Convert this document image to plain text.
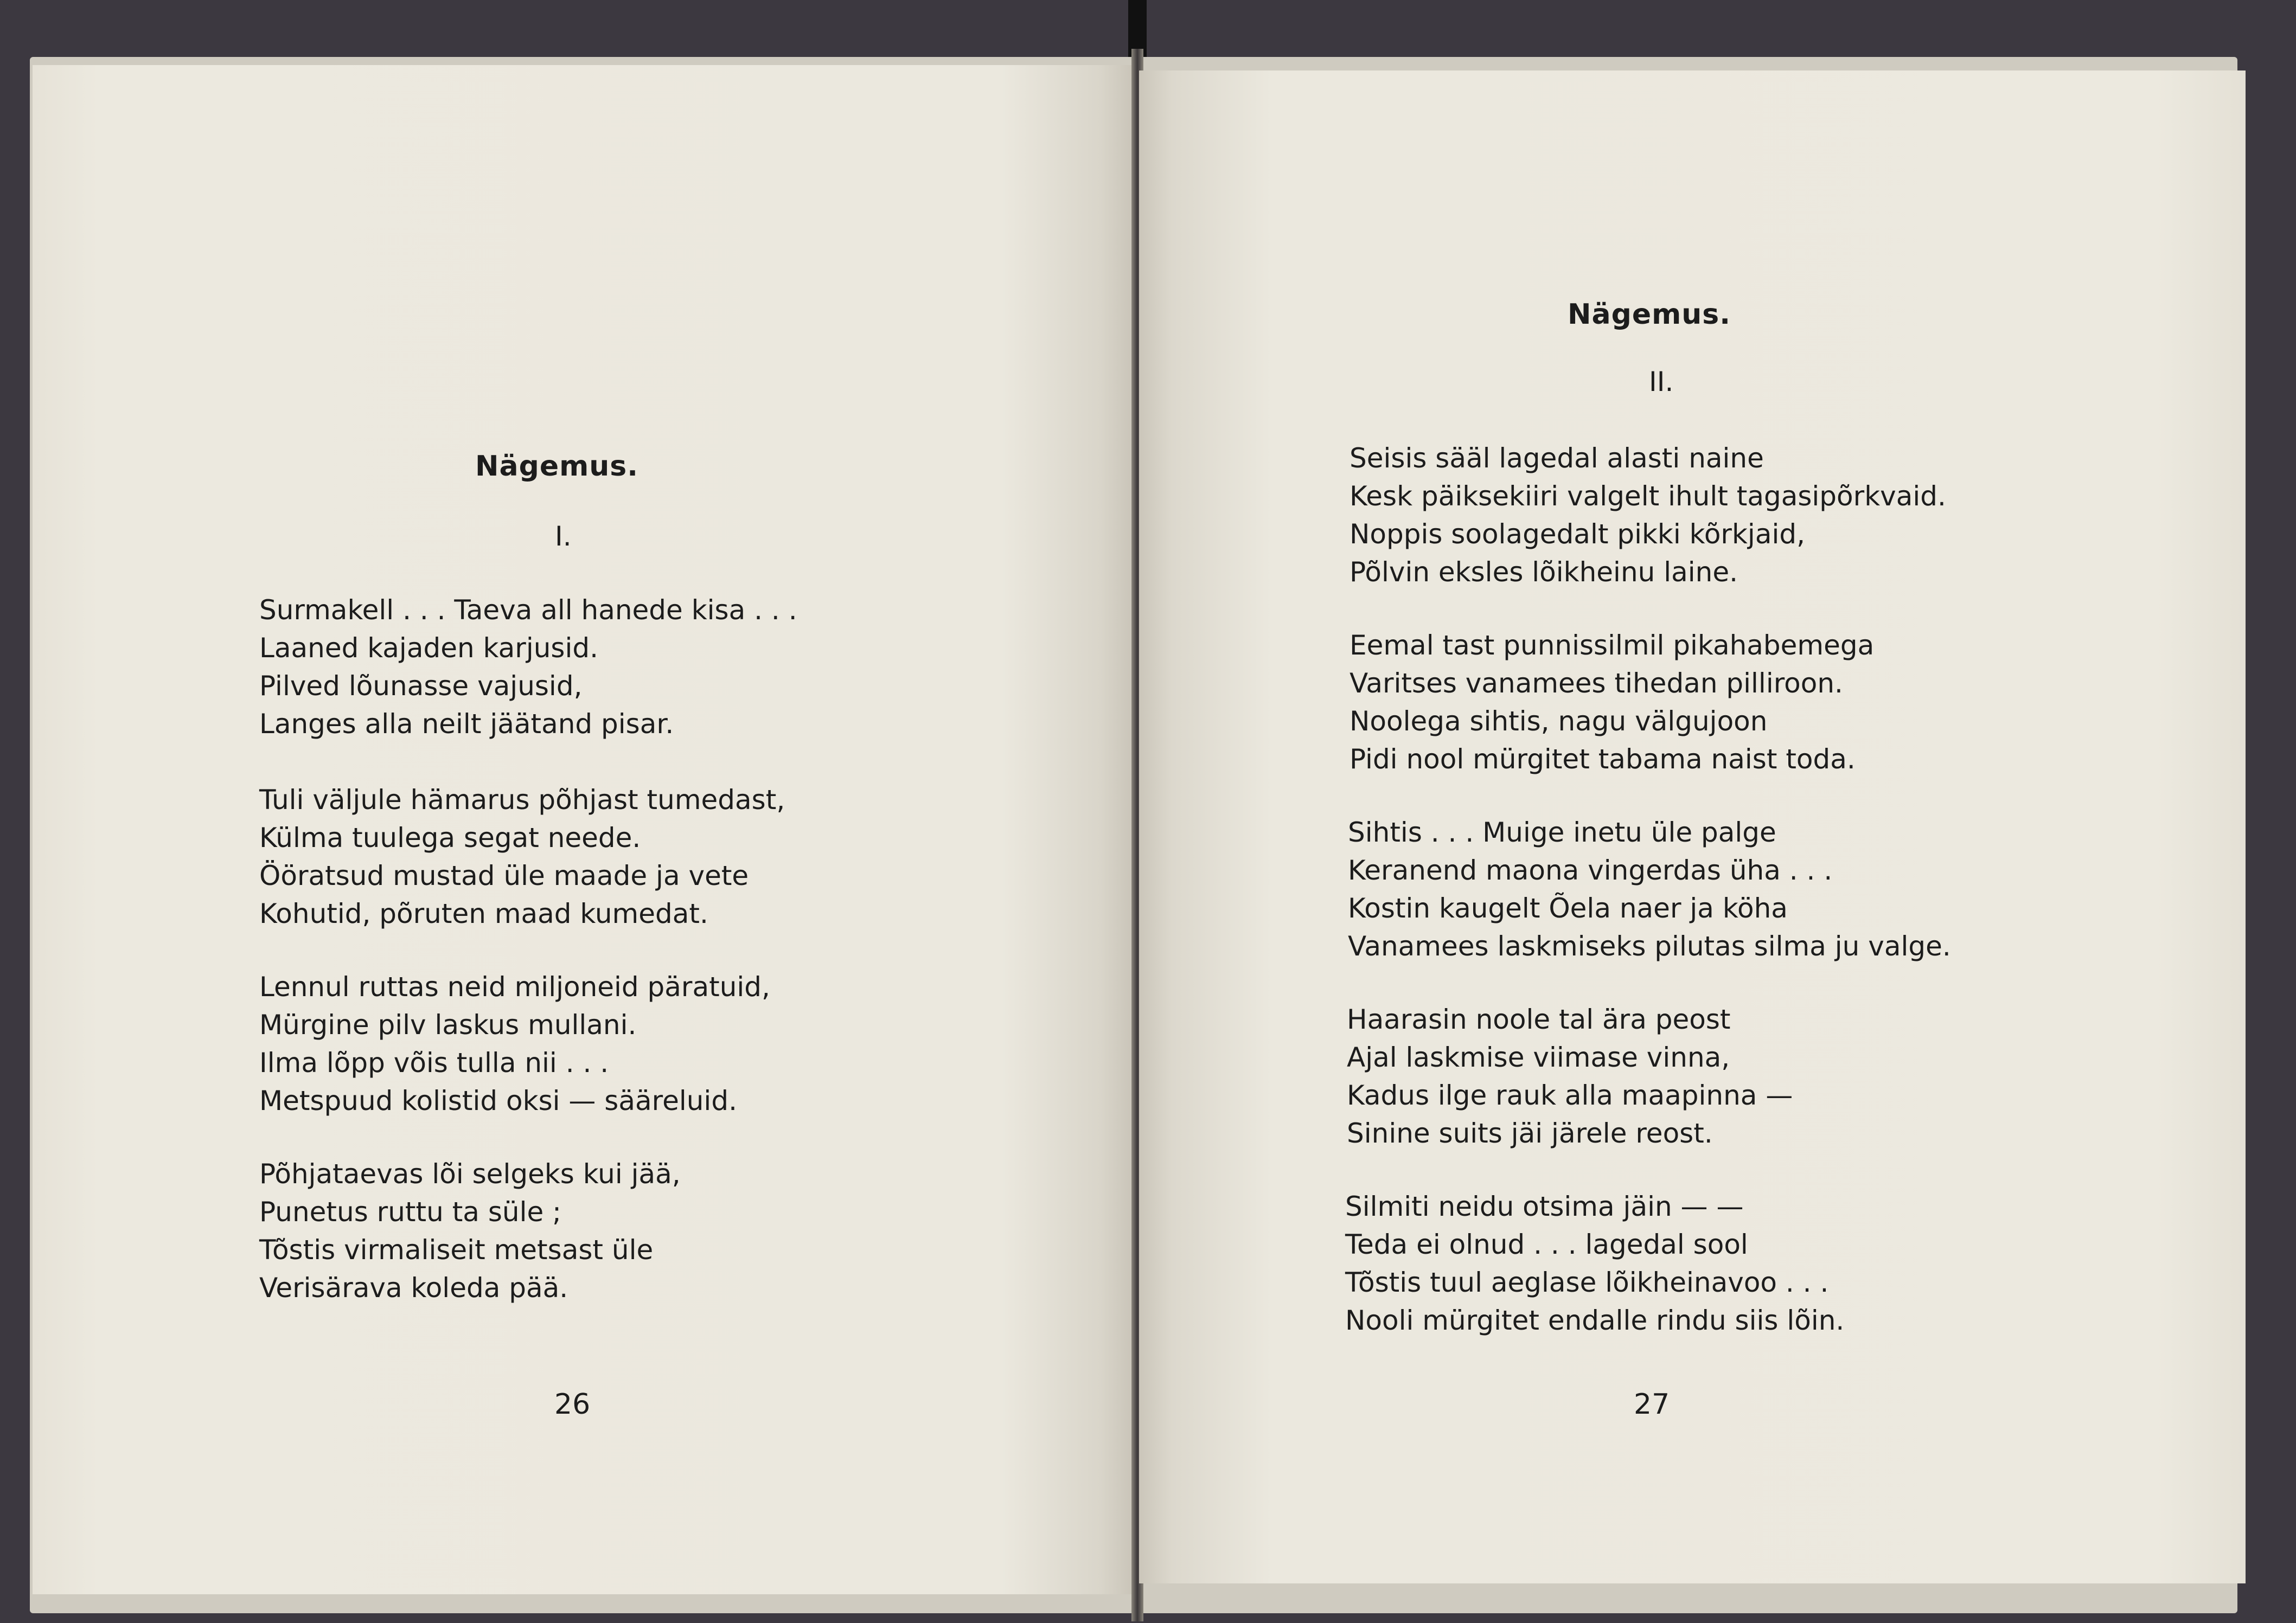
Nägemus.

I.

Surmakell . . . Taeva all hanede kisa . . .
Laaned kajaden karjusid.
Pilved lõunasse vajusid,
Langes alla neilt jäätand pisar.
Tuli väljule hämarus põhjast tumedast,
Külma tuulega segat neede.
Ööratsud mustad üle maade ja vete
Kohutid, põruten maad kumedat.
Lennul ruttas neid miljoneid päratuid,
Mürgine pilv laskus mullani.
Ilma lõpp võis tulla nii . . .
Metspuud kolistid oksi — sääreluid.
Põhjataevas lõi selgeks kui jää,
Punetus ruttu ta süle ;
Tõstis virmaliseit metsast üle
Verisärava koleda pää.

26

Nägemus.

II.

Seisis sääl lagedal alasti naine
Kesk päiksekiiri valgelt ihult tagasipõrkvaid.
Noppis soolagedalt pikki kõrkjaid,
Põlvin eksles lõikheinu laine.
Eemal tast punnissilmil pikahabemega
Varitses vanamees tihedan pilliroon.
Noolega sihtis, nagu välgujoon
Pidi nool mürgitet tabama naist toda.
Sihtis . . . Muige inetu üle palge
Keranend maona vingerdas üha . . .
Kostin kaugelt Õela naer ja köha
Vanamees laskmiseks pilutas silma ju valge.
Haarasin noole tal ära peost
Ajal laskmise viimase vinna,
Kadus ilge rauk alla maapinna —
Sinine suits jäi järele reost.
Silmiti neidu otsima jäin — —
Teda ei olnud . . . lagedal sool
Tõstis tuul aeglase lõikheinavoo . . .
Nooli mürgitet endalle rindu siis lõin.

27
